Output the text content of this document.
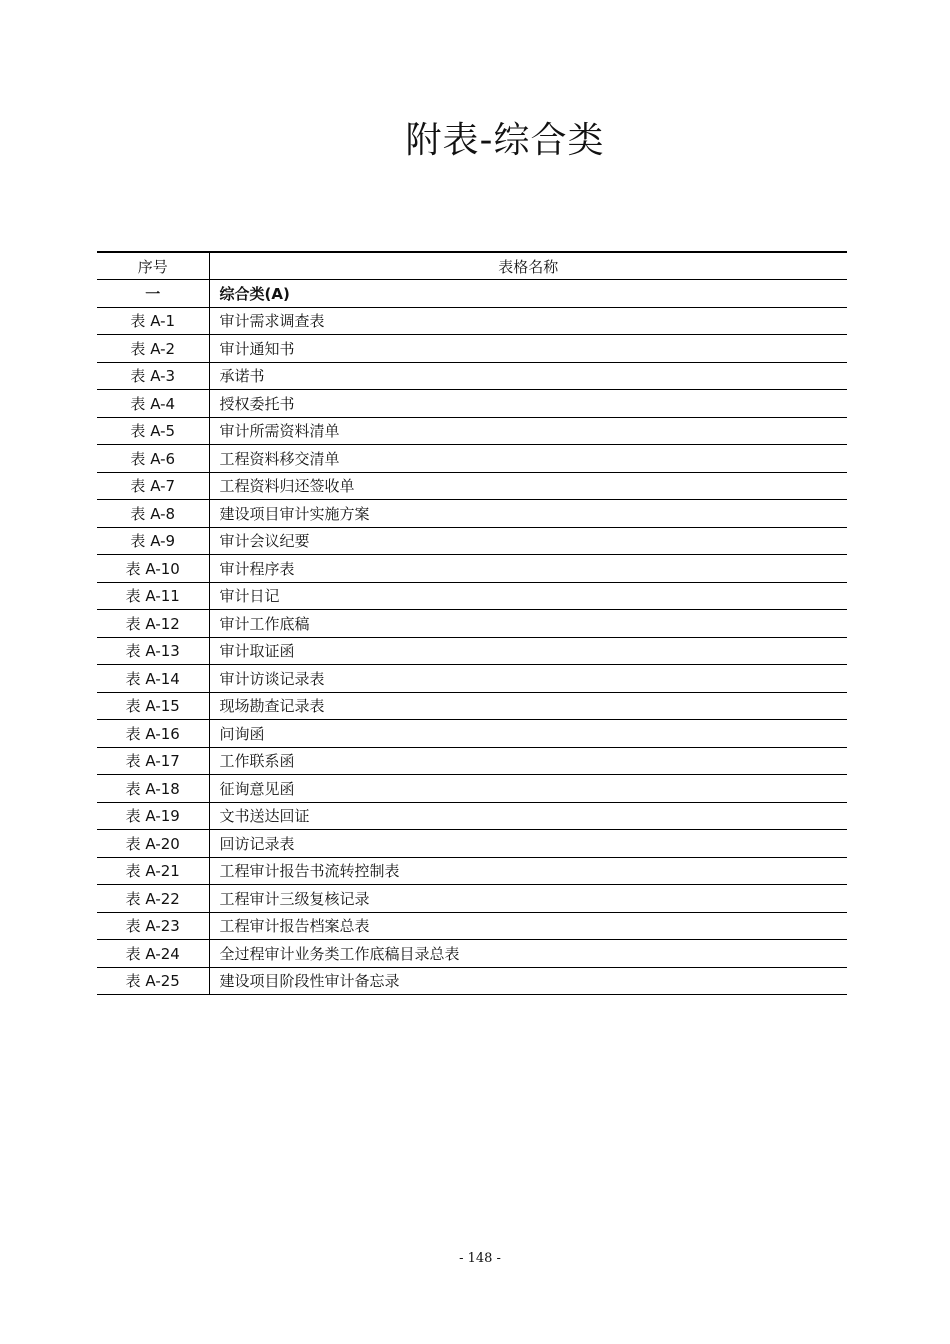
附表-综合类
序号	表格名称
一	综合类(A)
表 A-1	审计需求调查表
表 A-2	审计通知书
表 A-3	承诺书
表 A-4	授权委托书
表 A-5	审计所需资料清单
表 A-6	工程资料移交清单
表 A-7	工程资料归还签收单
表 A-8	建设项目审计实施方案
表 A-9	审计会议纪要
表 A-10	审计程序表
表 A-11	审计日记
表 A-12	审计工作底稿
表 A-13	审计取证函
表 A-14	审计访谈记录表
表 A-15	现场勘查记录表
表 A-16	问询函
表 A-17	工作联系函
表 A-18	征询意见函
表 A-19	文书送达回证
表 A-20	回访记录表
表 A-21	工程审计报告书流转控制表
表 A-22	工程审计三级复核记录
表 A-23	工程审计报告档案总表
表 A-24	全过程审计业务类工作底稿目录总表
表 A-25	建设项目阶段性审计备忘录
- 148 -
